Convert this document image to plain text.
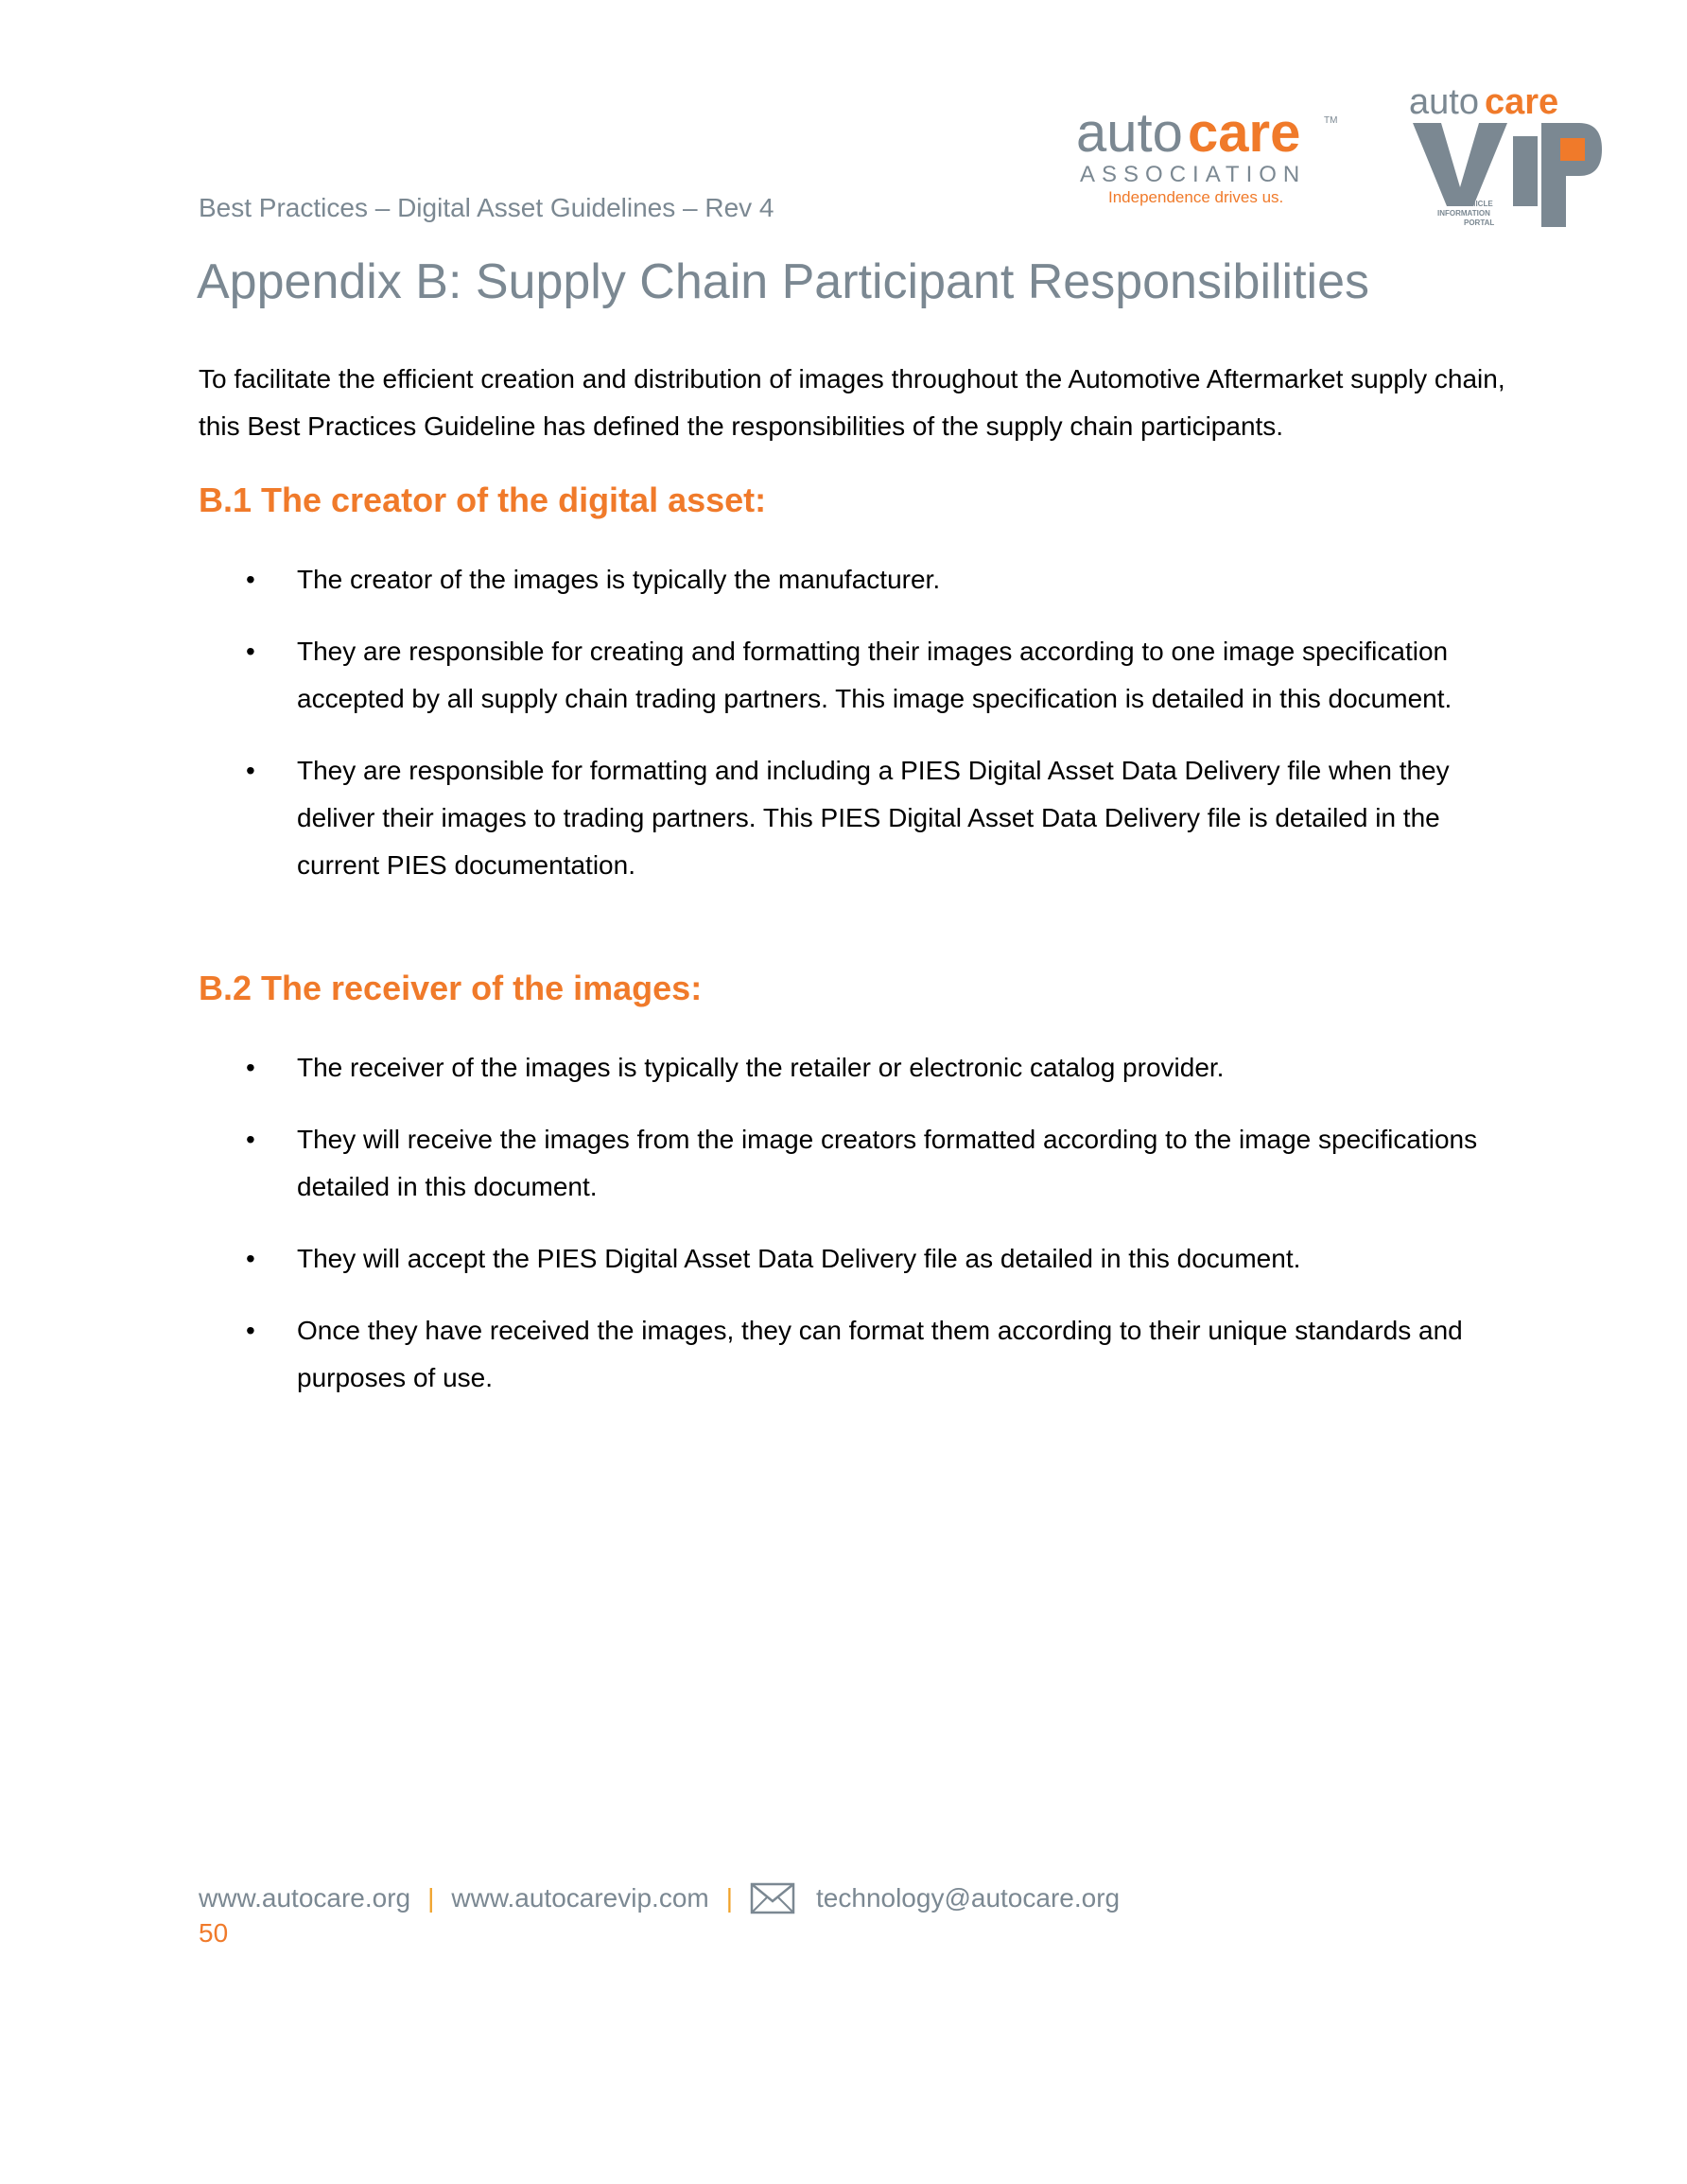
Best Practices – Digital Asset Guidelines – Rev 4
auto care TM
ASSOCIATION
Independence drives us.
auto care
VEHICLE
INFORMATION
PORTAL
Appendix B: Supply Chain Participant Responsibilities

To facilitate the efficient creation and distribution of images throughout the Automotive Aftermarket supply chain, this Best Practices Guideline has defined the responsibilities of the supply chain participants.

B.1 The creator of the digital asset:
• The creator of the images is typically the manufacturer.
• They are responsible for creating and formatting their images according to one image specification accepted by all supply chain trading partners. This image specification is detailed in this document.
• They are responsible for formatting and including a PIES Digital Asset Data Delivery file when they deliver their images to trading partners. This PIES Digital Asset Data Delivery file is detailed in the current PIES documentation.
B.2 The receiver of the images:
• The receiver of the images is typically the retailer or electronic catalog provider.
• They will receive the images from the image creators formatted according to the image specifications detailed in this document.
• They will accept the PIES Digital Asset Data Delivery file as detailed in this document.
• Once they have received the images, they can format them according to their unique standards and purposes of use.
www.autocare.org | www.autocarevip.com |	technology@autocare.org
50
